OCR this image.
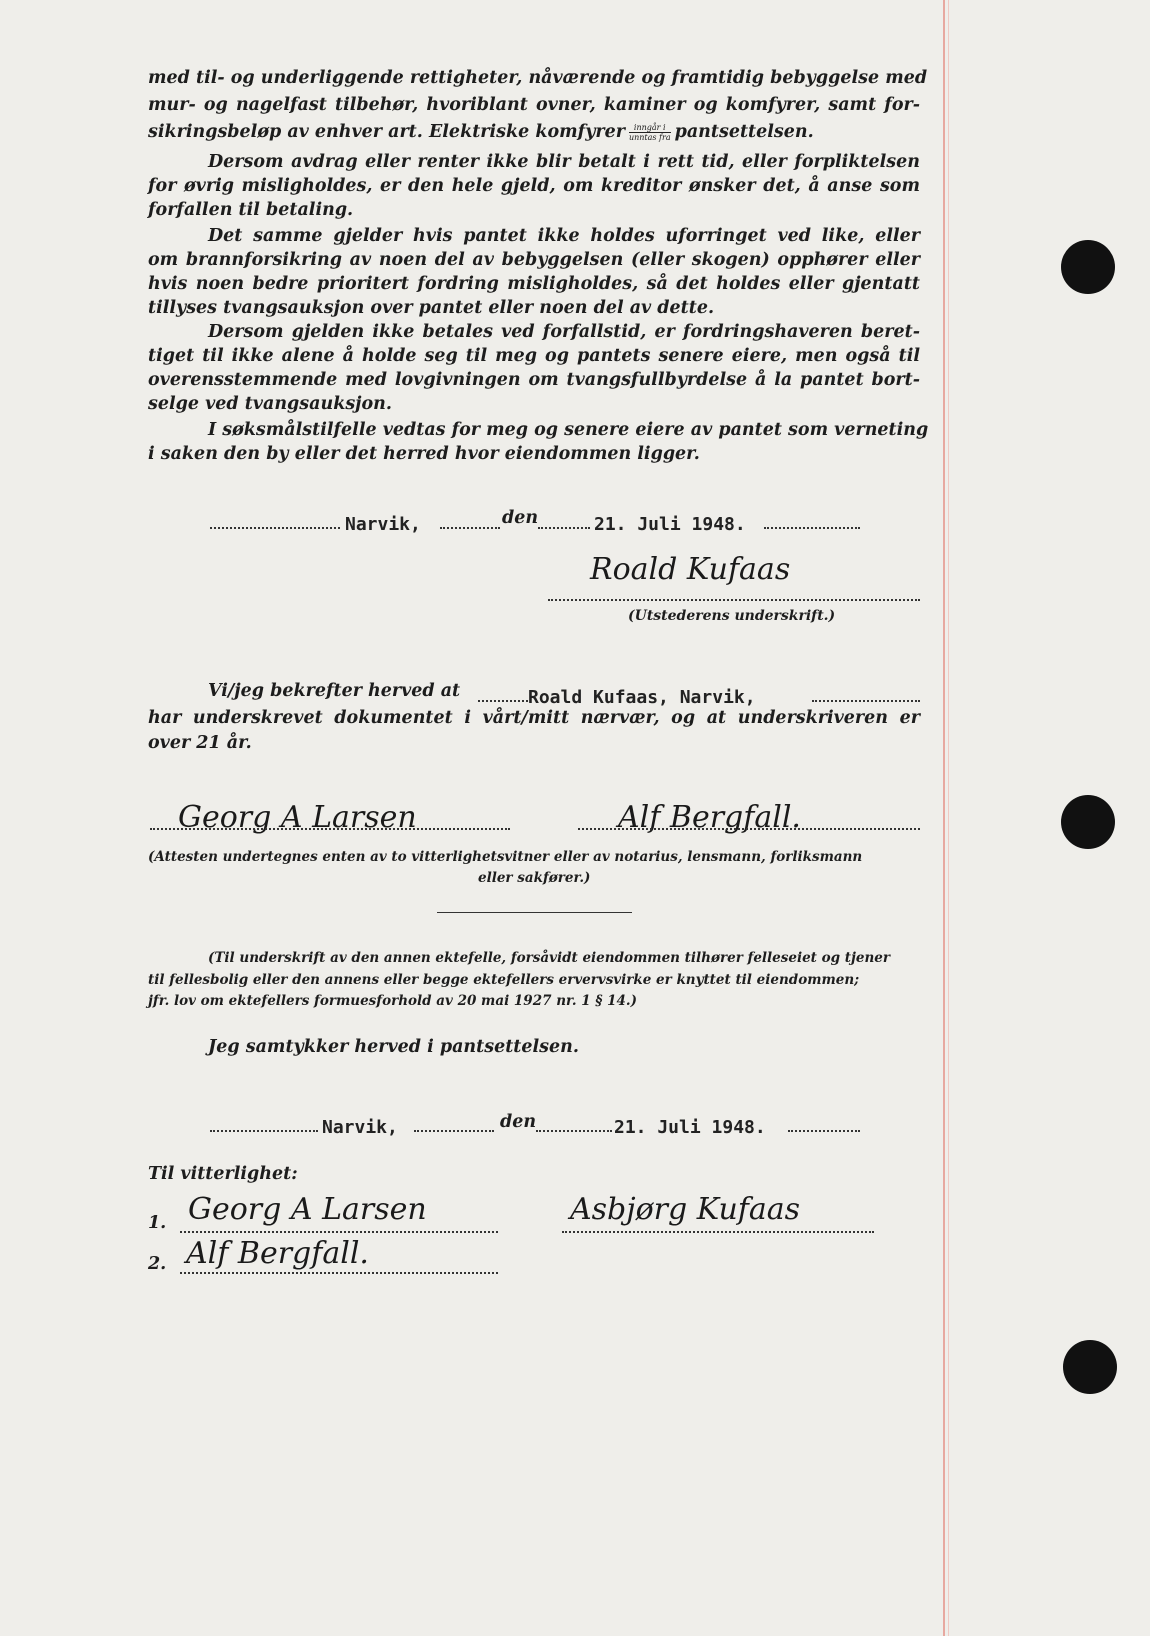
med til- og underliggende rettigheter, nåværende og framtidig bebyggelse med
mur- og nagelfast tilbehør, hvoriblant ovner, kaminer og komfyrer, samt for-
sikringsbeløp av enhver art. Elektriske komfyrer $\frac{\text{inngår i}}{\text{unntas fra}}$ pantsettelsen.
Dersom avdrag eller renter ikke blir betalt i rett tid, eller forpliktelsen
for øvrig misligholdes, er den hele gjeld, om kreditor ønsker det, å anse som
forfallen til betaling.
Det samme gjelder hvis pantet ikke holdes uforringet ved like, eller
om brannforsikring av noen del av bebyggelsen (eller skogen) opphører eller
hvis noen bedre prioritert fordring misligholdes, så det holdes eller gjentatt
tillyses tvangsauksjon over pantet eller noen del av dette.
Dersom gjelden ikke betales ved forfallstid, er fordringshaveren beret-
tiget til ikke alene å holde seg til meg og pantets senere eiere, men også til
overensstemmende med lovgivningen om tvangsfullbyrdelse å la pantet bort-
selge ved tvangsauksjon.
I søksmålstilfelle vedtas for meg og senere eiere av pantet som verneting
i saken den by eller det herred hvor eiendommen ligger.
Narvik,	den	21. Juli 1948.
Roald Kufaas
(Utstederens underskrift.)
Vi/jeg bekrefter herved at	Roald Kufaas, Narvik,
har underskrevet dokumentet i vårt/mitt nærvær, og at underskriveren er
over 21 år.
Georg A Larsen	Alf Bergfall.
(Attesten undertegnes enten av to vitterlighetsvitner eller av notarius, lensmann, forliksmann
eller sakfører.)
(Til underskrift av den annen ektefelle, forsåvidt eiendommen tilhører felleseiet og tjener
til fellesbolig eller den annens eller begge ektefellers ervervsvirke er knyttet til eiendommen;
jfr. lov om ektefellers formuesforhold av 20 mai 1927 nr. 1 § 14.)
Jeg samtykker herved i pantsettelsen.
Narvik,	den	21. Juli 1948.
Til vitterlighet:
1. Georg A Larsen	Asbjørg Kufaas
2. Alf Bergfall.
